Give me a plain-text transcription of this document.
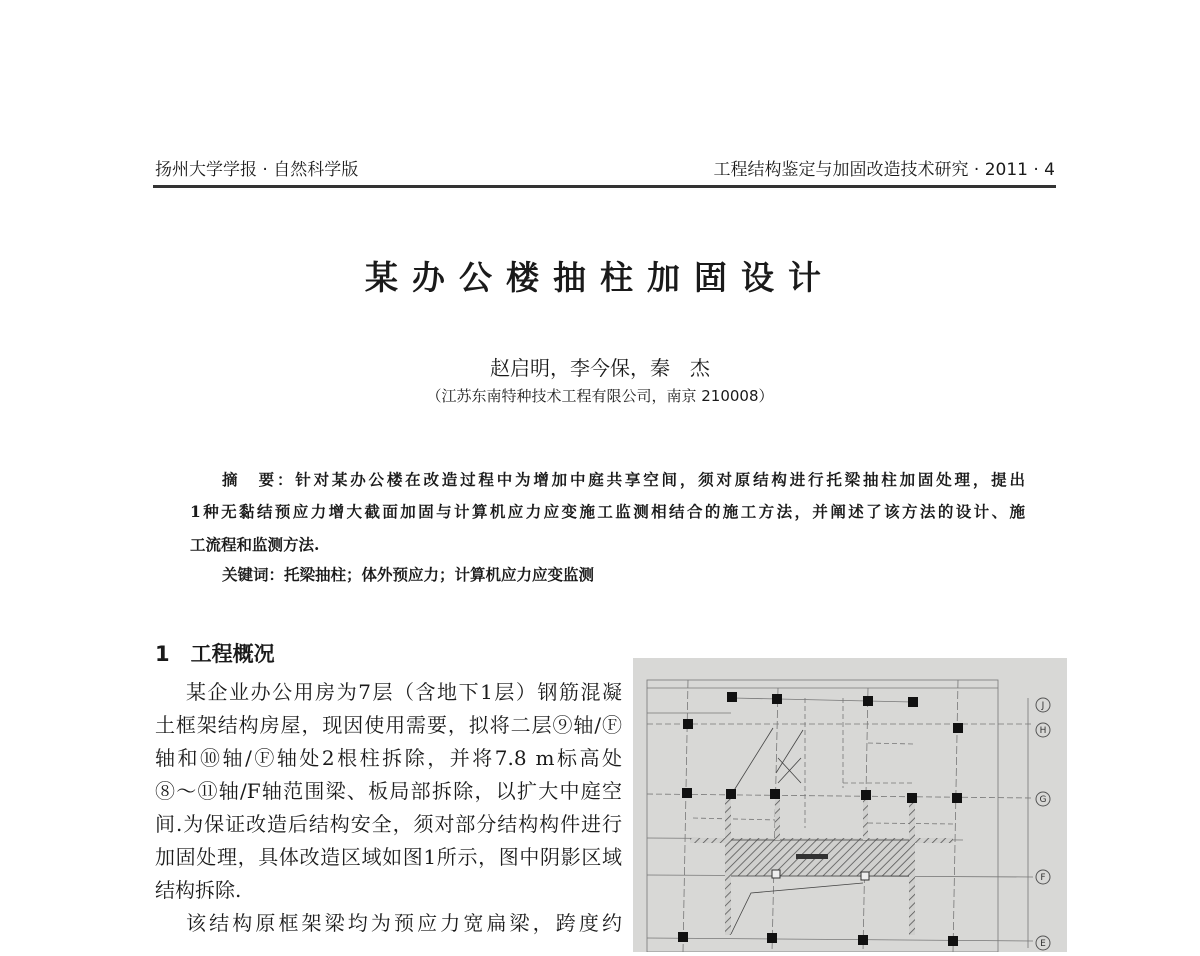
扬州大学学报 · 自然科学版	工程结构鉴定与加固改造技术研究 · 2011 · 4
某办公楼抽柱加固设计
赵启明，李今保，秦　杰
（江苏东南特种技术工程有限公司，南京 210008）
摘　要：针对某办公楼在改造过程中为增加中庭共享空间，须对原结构进行托梁抽柱加固处理，提出
1种无黏结预应力增大截面加固与计算机应力应变施工监测相结合的施工方法，并阐述了该方法的设计、施
工流程和监测方法.
关键词：托梁抽柱；体外预应力；计算机应力应变监测
1　工程概况
某企业办公用房为7层（含地下1层）钢筋混凝
土框架结构房屋，现因使用需要，拟将二层⑨轴/Ⓕ
轴和⑩轴/Ⓕ轴处2根柱拆除，并将7.8 m标高处
⑧～⑪轴/F轴范围梁、板局部拆除，以扩大中庭空
间.为保证改造后结构安全，须对部分结构构件进行
加固处理，具体改造区域如图1所示，图中阴影区域
结构拆除.
该结构原框架梁均为预应力宽扁梁，跨度约
J
H
G
F
E
